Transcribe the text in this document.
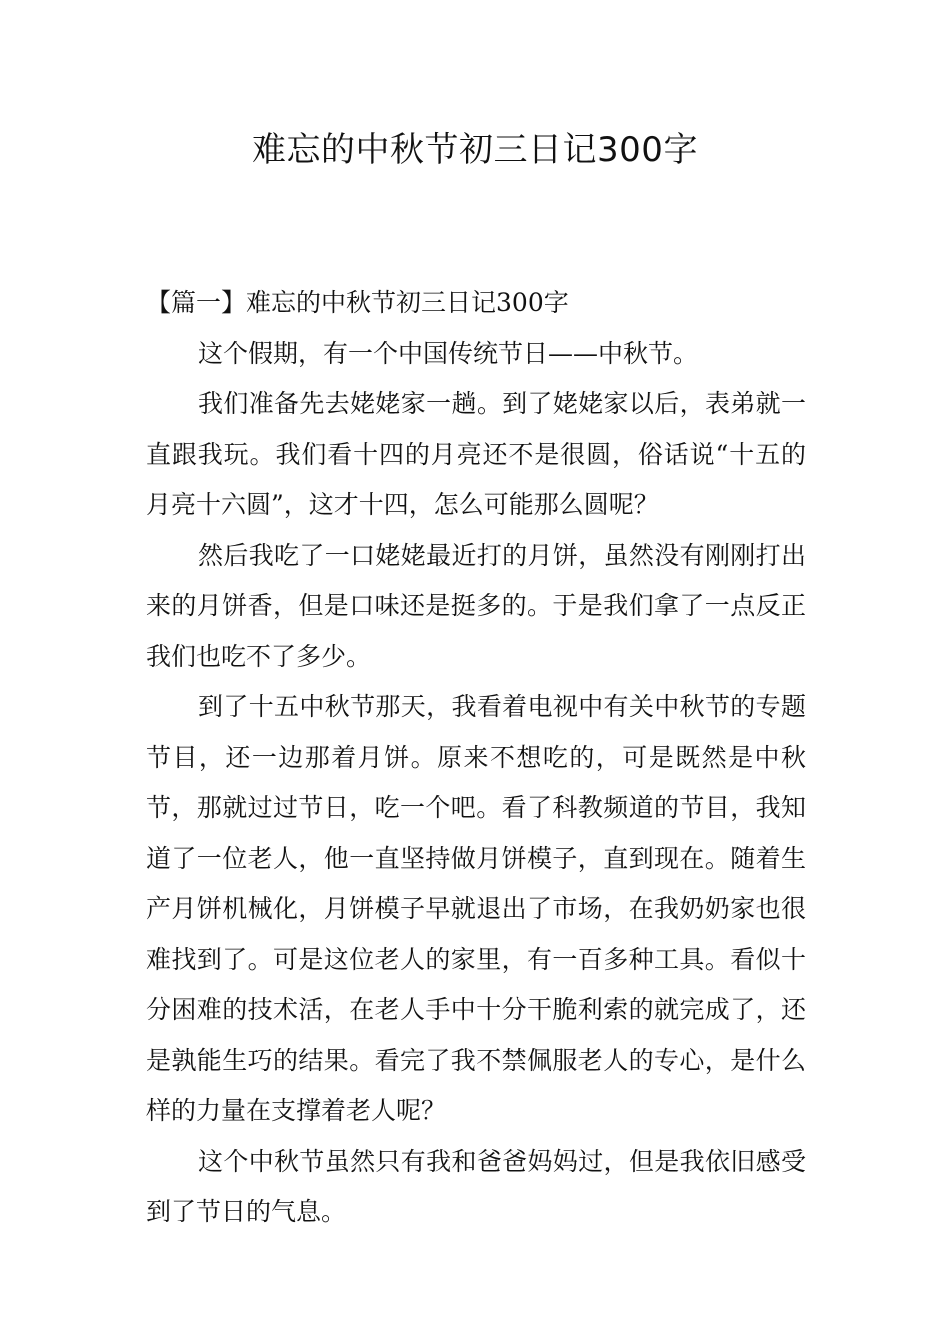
难忘的中秋节初三日记300字

【篇一】难忘的中秋节初三日记300字

这个假期，有一个中国传统节日——中秋节。

我们准备先去姥姥家一趟。到了姥姥家以后，表弟就一直跟我玩。我们看十四的月亮还不是很圆，俗话说“十五的月亮十六圆”，这才十四，怎么可能那么圆呢？

然后我吃了一口姥姥最近打的月饼，虽然没有刚刚打出来的月饼香，但是口味还是挺多的。于是我们拿了一点反正我们也吃不了多少。

到了十五中秋节那天，我看着电视中有关中秋节的专题节目，还一边那着月饼。原来不想吃的，可是既然是中秋节，那就过过节日，吃一个吧。看了科教频道的节目，我知道了一位老人，他一直坚持做月饼模子，直到现在。随着生产月饼机械化，月饼模子早就退出了市场，在我奶奶家也很难找到了。可是这位老人的家里，有一百多种工具。看似十分困难的技术活，在老人手中十分干脆利索的就完成了，还是孰能生巧的结果。看完了我不禁佩服老人的专心，是什么样的力量在支撑着老人呢？

这个中秋节虽然只有我和爸爸妈妈过，但是我依旧感受到了节日的气息。
